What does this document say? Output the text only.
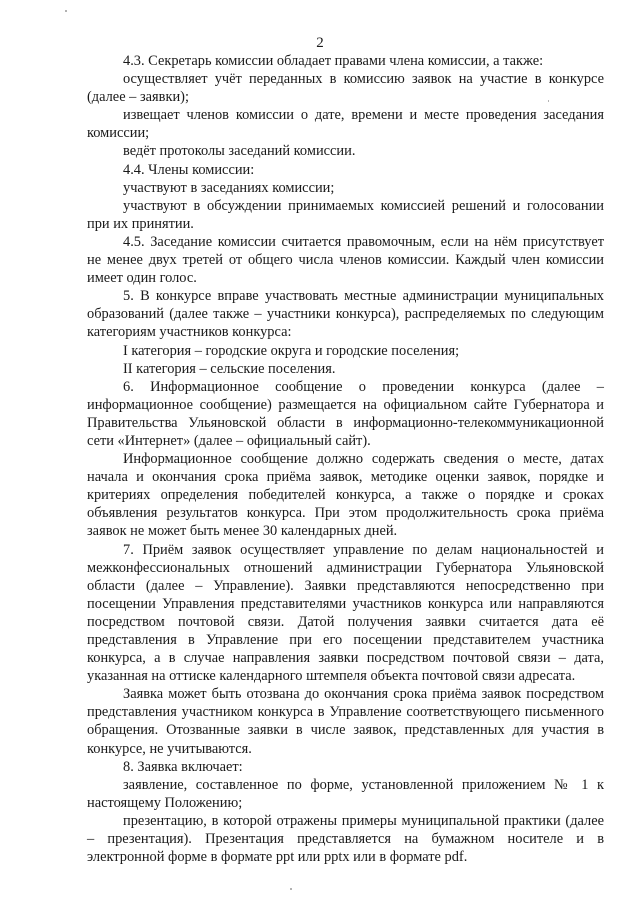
2

4.3. Секретарь комиссии обладает правами члена комиссии, а также:

осуществляет учёт переданных в комиссию заявок на участие в конкурсе (далее – заявки);

извещает членов комиссии о дате, времени и месте проведения заседания комиссии;

ведёт протоколы заседаний комиссии.

4.4. Члены комиссии:

участвуют в заседаниях комиссии;

участвуют в обсуждении принимаемых комиссией решений и голосовании при их принятии.

4.5. Заседание комиссии считается правомочным, если на нём присутствует не менее двух третей от общего числа членов комиссии. Каждый член комиссии имеет один голос.

5. В конкурсе вправе участвовать местные администрации муниципальных образований (далее также – участники конкурса), распределяемых по следующим категориям участников конкурса:

I категория – городские округа и городские поселения;

II категория – сельские поселения.

6. Информационное сообщение о проведении конкурса (далее – информационное сообщение) размещается на официальном сайте Губернатора и Правительства Ульяновской области в информационно-телекоммуникационной сети «Интернет» (далее – официальный сайт).

Информационное сообщение должно содержать сведения о месте, датах начала и окончания срока приёма заявок, методике оценки заявок, порядке и критериях определения победителей конкурса, а также о порядке и сроках объявления результатов конкурса. При этом продолжительность срока приёма заявок не может быть менее 30 календарных дней.

7. Приём заявок осуществляет управление по делам национальностей и межконфессиональных отношений администрации Губернатора Ульяновской области (далее – Управление). Заявки представляются непосредственно при посещении Управления представителями участников конкурса или направляются посредством почтовой связи. Датой получения заявки считается дата её представления в Управление при его посещении представителем участника конкурса, а в случае направления заявки посредством почтовой связи – дата, указанная на оттиске календарного штемпеля объекта почтовой связи адресата.

Заявка может быть отозвана до окончания срока приёма заявок посредством представления участником конкурса в Управление соответствующего письменного обращения. Отозванные заявки в числе заявок, представленных для участия в конкурсе, не учитываются.

8. Заявка включает:

заявление, составленное по форме, установленной приложением № 1 к настоящему Положению;

презентацию, в которой отражены примеры муниципальной практики (далее – презентация). Презентация представляется на бумажном носителе и в электронной форме в формате ppt или pptx или в формате pdf.
